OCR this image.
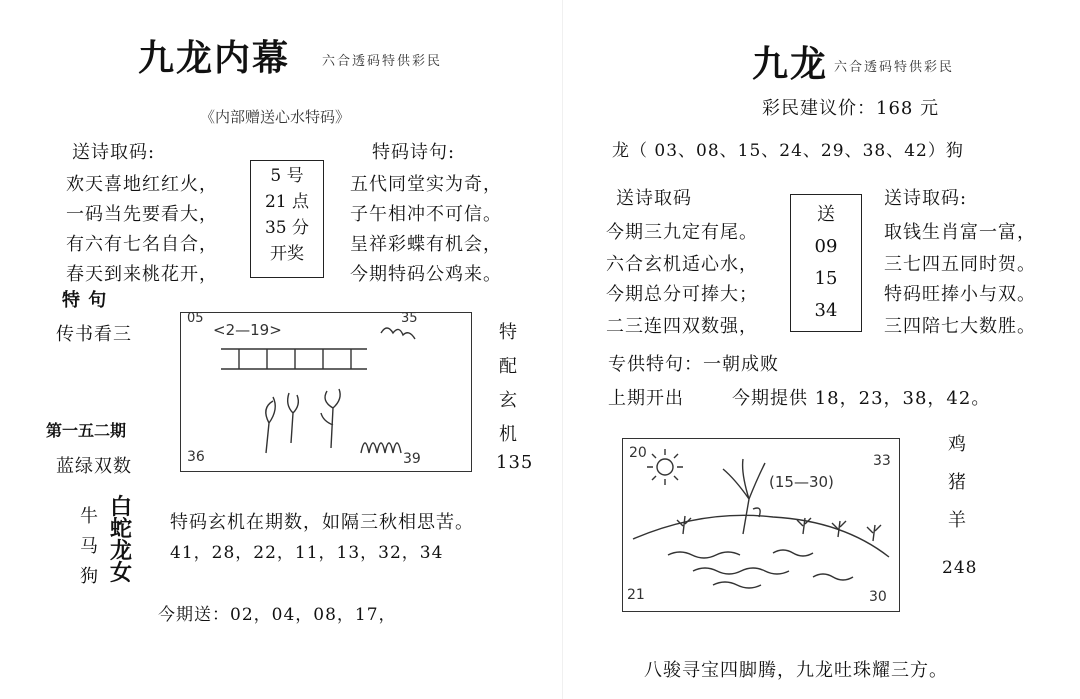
九龙内幕 六合透码特供彩民
《内部赠送心水特码》
送诗取码:
欢天喜地红红火，
一码当先要看大，
有六有七名自合，
春天到来桃花开，
5 号
21 点
35 分
开奖
特码诗句:
五代同堂实为奇，
子午相冲不可信。
呈祥彩蝶有机会，
今期特码公鸡来。
特 句
传书看三
第一五二期
蓝绿双数
05	35
<2—19>
36	39
特
配
玄
机
135
牛
马
狗
白
蛇
龙
女
特码玄机在期数，如隔三秋相思苦。
41，28，22，11，13，32，34
今期送：02，04，08，17，
九龙 六合透码特供彩民
彩民建议价：168 元
龙（ 03、08、15、24、29、38、42）狗
送诗取码
今期三九定有尾。
六合玄机适心水，
今期总分可捧大；
二三连四双数强，
送
09
15
34
送诗取码:
取钱生肖富一富，
三七四五同时贺。
特码旺捧小与双。
三四陪七大数胜。
专供特句：一朝成败
上期开出	今期提供 18，23，38，42。
20	33
(15—30)
21	30
鸡
猪
羊
248
八骏寻宝四脚腾，九龙吐珠耀三方。
